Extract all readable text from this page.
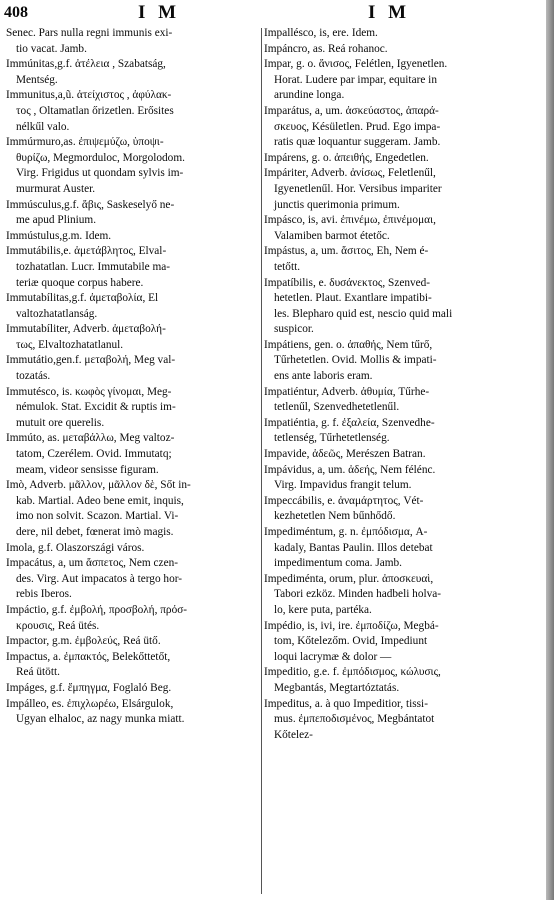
408	I M	I M
Senec. Pars nulla regni immunis exi-
tio vacat. Jamb.
Immúnitas,g.f. ἀτέλεια , Szabatság,
Mentség.
Immunitus,a,ũ. ἀτείχιστος , ἀφύλακ-
τος , Oltamatlan őrizetlen. Erősites
nélkűl valo.
Immúrmuro,as. ἐπιψεμύζω, ὑποψι-
θυρίζω, Megmorduloc, Morgolodom.
Virg. Frigidus ut quondam sylvis im-
murmurat Auster.
Immúsculus,g.f. ἄβις, Saskeselyő ne-
me apud Plinium.
Immústulus,g.m. Idem.
Immutábilis,e. ἀμετάβλητος, Elval-
tozhatatlan. Lucr. Immutabile ma-
teriæ quoque corpus habere.
Immutabílitas,g.f. ἀμεταβολία, El
valtozhatatlanság.
Immutabíliter, Adverb. ἀμεταβολή-
τως, Elvaltozhatatlanul.
Immutátio,gen.f. μεταβολή, Meg val-
tozatás.
Immutésco, is. κωφὸς γίνομαι, Meg-
némulok. Stat. Excidit & ruptis im-
mutuit ore querelis.
Immúto, as. μεταβάλλω, Meg valtoz-
tatom, Czerélem. Ovid. Immutatq;
meam, videor sensisse figuram.
Imò, Adverb. μᾶλλον, μᾶλλον δὲ, Sőt in-
kab. Martial. Adeo bene emit, inquis,
imo non solvit. Scazon. Martial. Vi-
dere, nil debet, fœnerat imò magis.
Imola, g.f. Olaszországi város.
Impacátus, a, um ἄσπετος, Nem czen-
des. Virg. Aut impacatos à tergo hor-
rebis Iberos.
Impáctio, g.f. ἐμβολή, προσβολή, πρόσ-
κρουσις, Reá ütés.
Impactor, g.m. ἐμβολεύς, Reá ütő.
Impactus, a. ἐμπακτός, Belekőttetőt,
Reá ütött.
Impáges, g.f. ἔμπηγμα, Foglaló Beg.
Impálleo, es. ἐπιχλωρέω, Elsárgulok,
Ugyan elhaloc, az nagy munka miatt.
Impallésco, is, ere. Idem.
Impáncro, as. Reá rohanoc.
Impar, g. o. ἄνισος, Felétlen, Igyenetlen.
Horat. Ludere par impar, equitare in
arundine longa.
Imparátus, a, um. ἀσκεύαστος, ἀπαρά-
σκευος, Késületlen. Prud. Ego impa-
ratis quæ loquantur suggeram. Jamb.
Impárens, g. o. ἀπειθής, Engedetlen.
Impáriter, Adverb. ἀνίσως, Feletlenűl,
Igyenetlenűl. Hor. Versibus impariter
junctis querimonia primum.
Impásco, is, avi. ἐπινέμω, ἐπινέμομαι,
Valamiben barmot étetőc.
Impástus, a, um. ἄσιτος, Eh, Nem é-
tetőtt.
Impatíbilis, e. δυσάνεκτος, Szenved-
hetetlen. Plaut. Exantlare impatibi-
les. Blepharo quid est, nescio quid mali
suspicor.
Impátiens, gen. o. ἀπαθής, Nem tűrő,
Tűrhetetlen. Ovid. Mollis & impati-
ens ante laboris eram.
Impatiéntur, Adverb. ἀθυμία, Tűrhe-
tetlenűl, Szenvedhetetlenűl.
Impatiéntia, g. f. ἐξαλεία, Szenvedhe-
tetlenség, Tűrhetetlenség.
Impavide, ἀδεῶς, Merészen Batran.
Impávidus, a, um. ἀδεής, Nem félénc.
Virg. Impavidus frangit telum.
Impeccábilis, e. ἀναμάρτητος, Vét-
kezhetetlen Nem bűnhődő.
Impediméntum, g. n. ἐμπόδισμα, A-
kadaly, Bantas Paulin. Illos detebat
impedimentum coma. Jamb.
Impediménta, orum, plur. ἀποσκευαὶ,
Tabori ezköz. Minden hadbeli holva-
lo, kere puta, partéka.
Impédio, is, ivi, ire. ἐμποδίζω, Megbá-
tom, Kőtelezőm. Ovid, Impediunt
loqui lacrymæ & dolor —
Impeditio, g.e. f. ἐμπόδισμος, κώλυσις,
Megbantás, Megtartóztatás.
Impeditus, a. à quo Impeditior, tissi-
mus. ἐμπεποδισμένος, Megbántatot
Kőtelez-
